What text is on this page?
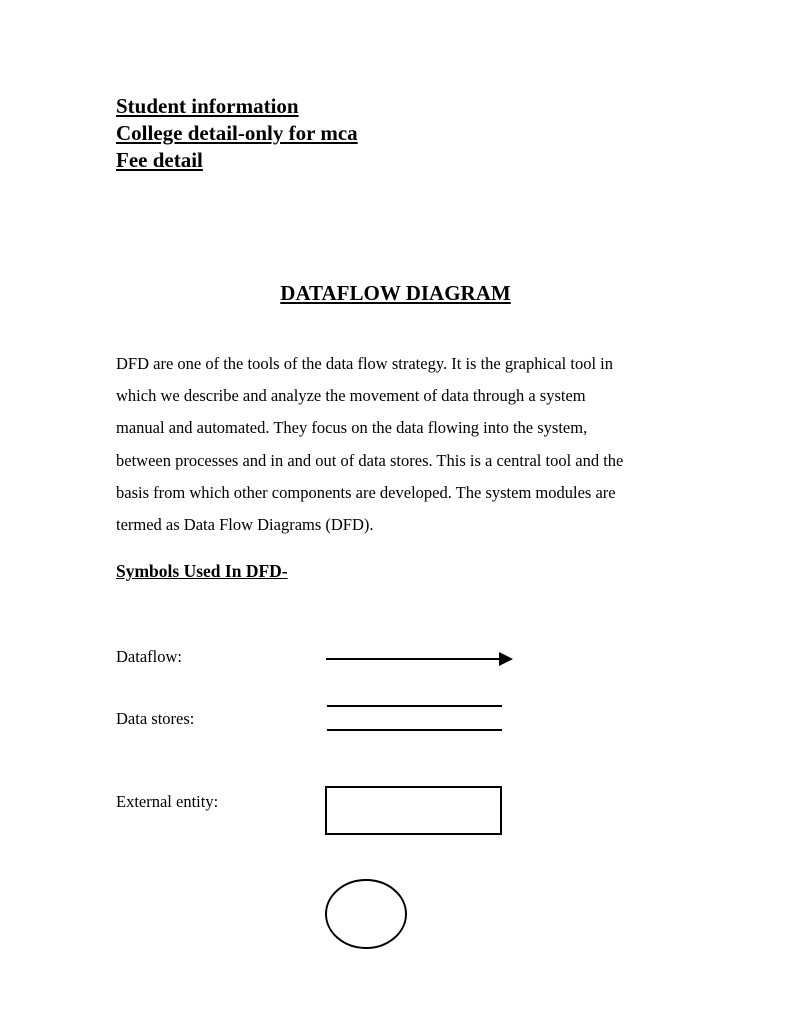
Student information
College detail-only for mca
Fee detail
DATAFLOW DIAGRAM
DFD are one of the tools of the data flow strategy. It is the graphical tool in
which we describe and analyze the movement of data through a system
manual and automated. They focus on the data flowing into the system,
between processes and in and out of data stores. This is a central tool and the
basis from which other components are developed. The system modules are
termed as Data Flow Diagrams (DFD).
Symbols Used In DFD-
Dataflow:
Data stores:
External entity:
